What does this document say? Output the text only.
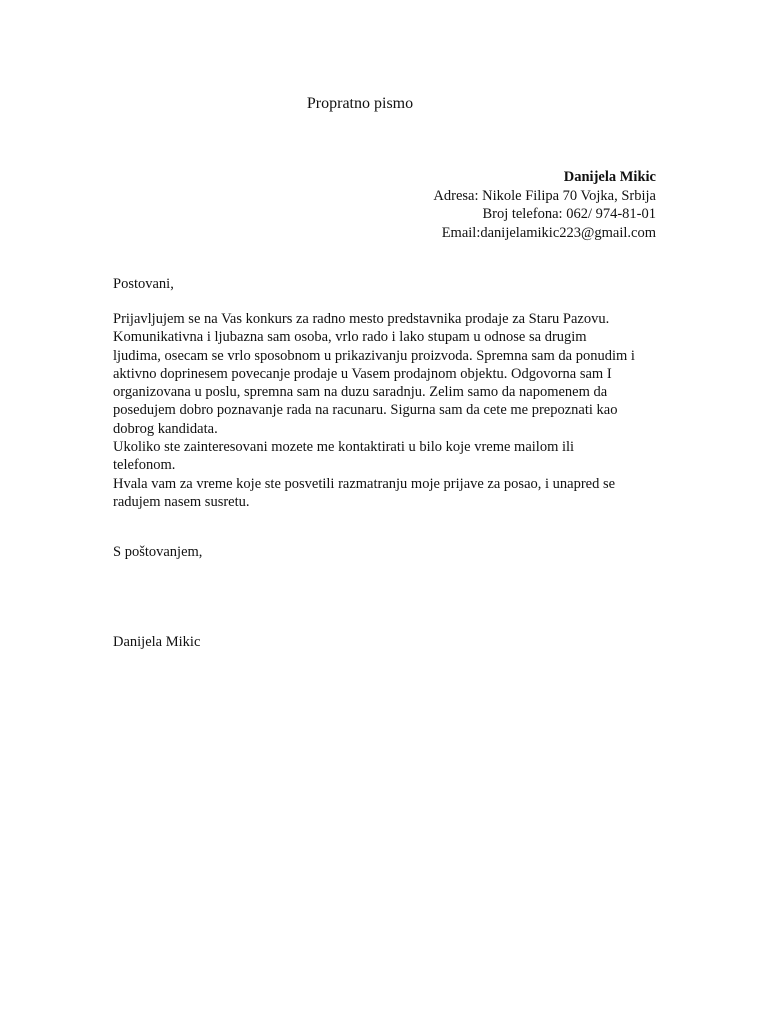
Propratno pismo
Danijela Mikic
Adresa: Nikole Filipa 70 Vojka, Srbija
Broj telefona: 062/ 974-81-01
Email:danijelamikic223@gmail.com
Postovani,
Prijavljujem se na Vas konkurs za radno mesto predstavnika prodaje za Staru Pazovu.
Komunikativna i ljubazna sam osoba, vrlo rado i lako stupam u odnose sa drugim
ljudima, osecam se vrlo sposobnom u prikazivanju proizvoda. Spremna sam da ponudim i
aktivno doprinesem povecanje prodaje u Vasem prodajnom objektu. Odgovorna sam I
organizovana u poslu, spremna sam na duzu saradnju. Zelim samo da napomenem da
posedujem dobro poznavanje rada na racunaru. Sigurna sam da cete me prepoznati kao
dobrog kandidata.
Ukoliko ste zainteresovani mozete me kontaktirati u bilo koje vreme mailom ili
telefonom.
Hvala vam za vreme koje ste posvetili razmatranju moje prijave za posao, i unapred se
radujem nasem susretu.
S poštovanjem,
Danijela Mikic
